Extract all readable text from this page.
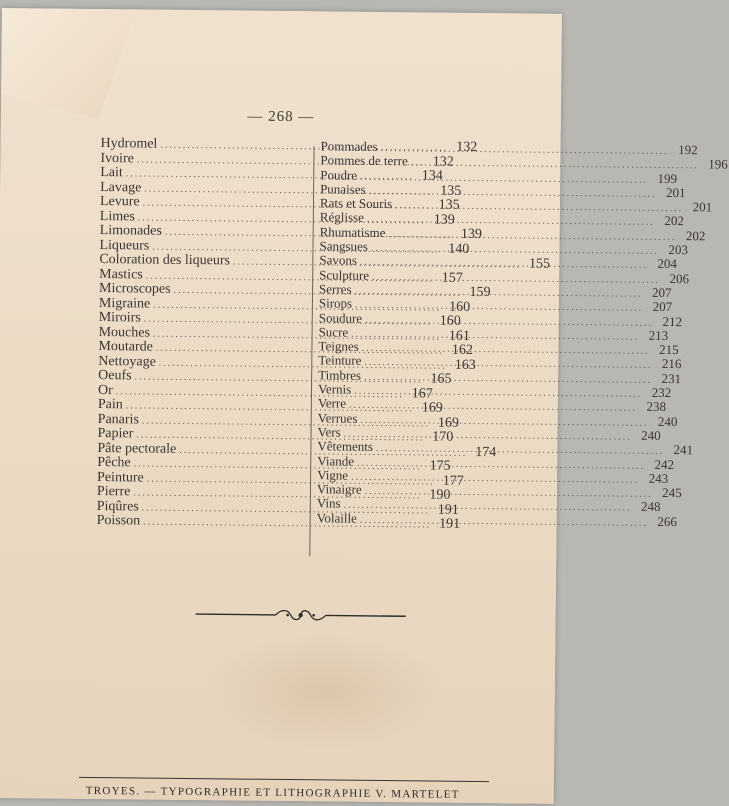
— 268 —
Hydromel .....	132
Ivoire .....	132
Lait .....	134
Lavage .....	135
Levure .....	135
Limes .....	139
Limonades .....	139
Liqueurs .....	140
Coloration des liqueurs .....	155
Mastics .....	157
Microscopes .....	159
Migraine .....	160
Miroirs .....	160
Mouches .....	161
Moutarde .....	162
Nettoyage .....	163
Oeufs .....	165
Or .....	167
Pain .....	169
Panaris .....	169
Papier .....	170
Pâte pectorale .....	174
Pêche .....	175
Peinture .....	177
Pierre .....	190
Piqûres .....	191
Poisson .....	191
Pommades .....	192
Pommes de terre .....	196
Poudre .....	199
Punaises .....	201
Rats et Souris .....	201
Réglisse .....	202
Rhumatisme .....	202
Sangsues .....	203
Savons .....	204
Sculpture .....	206
Serres .....	207
Sirops .....	207
Soudure .....	212
Sucre .....	213
Teignes .....	215
Teinture .....	216
Timbres .....	231
Vernis .....	232
Verre .....	238
Verrues .....	240
Vers .....	240
Vêtements .....	241
Viande .....	242
Vigne .....	243
Vinaigre .....	245
Vins .....	248
Volaille .....	266
TROYES. — TYPOGRAPHIE ET LITHOGRAPHIE V. MARTELET
